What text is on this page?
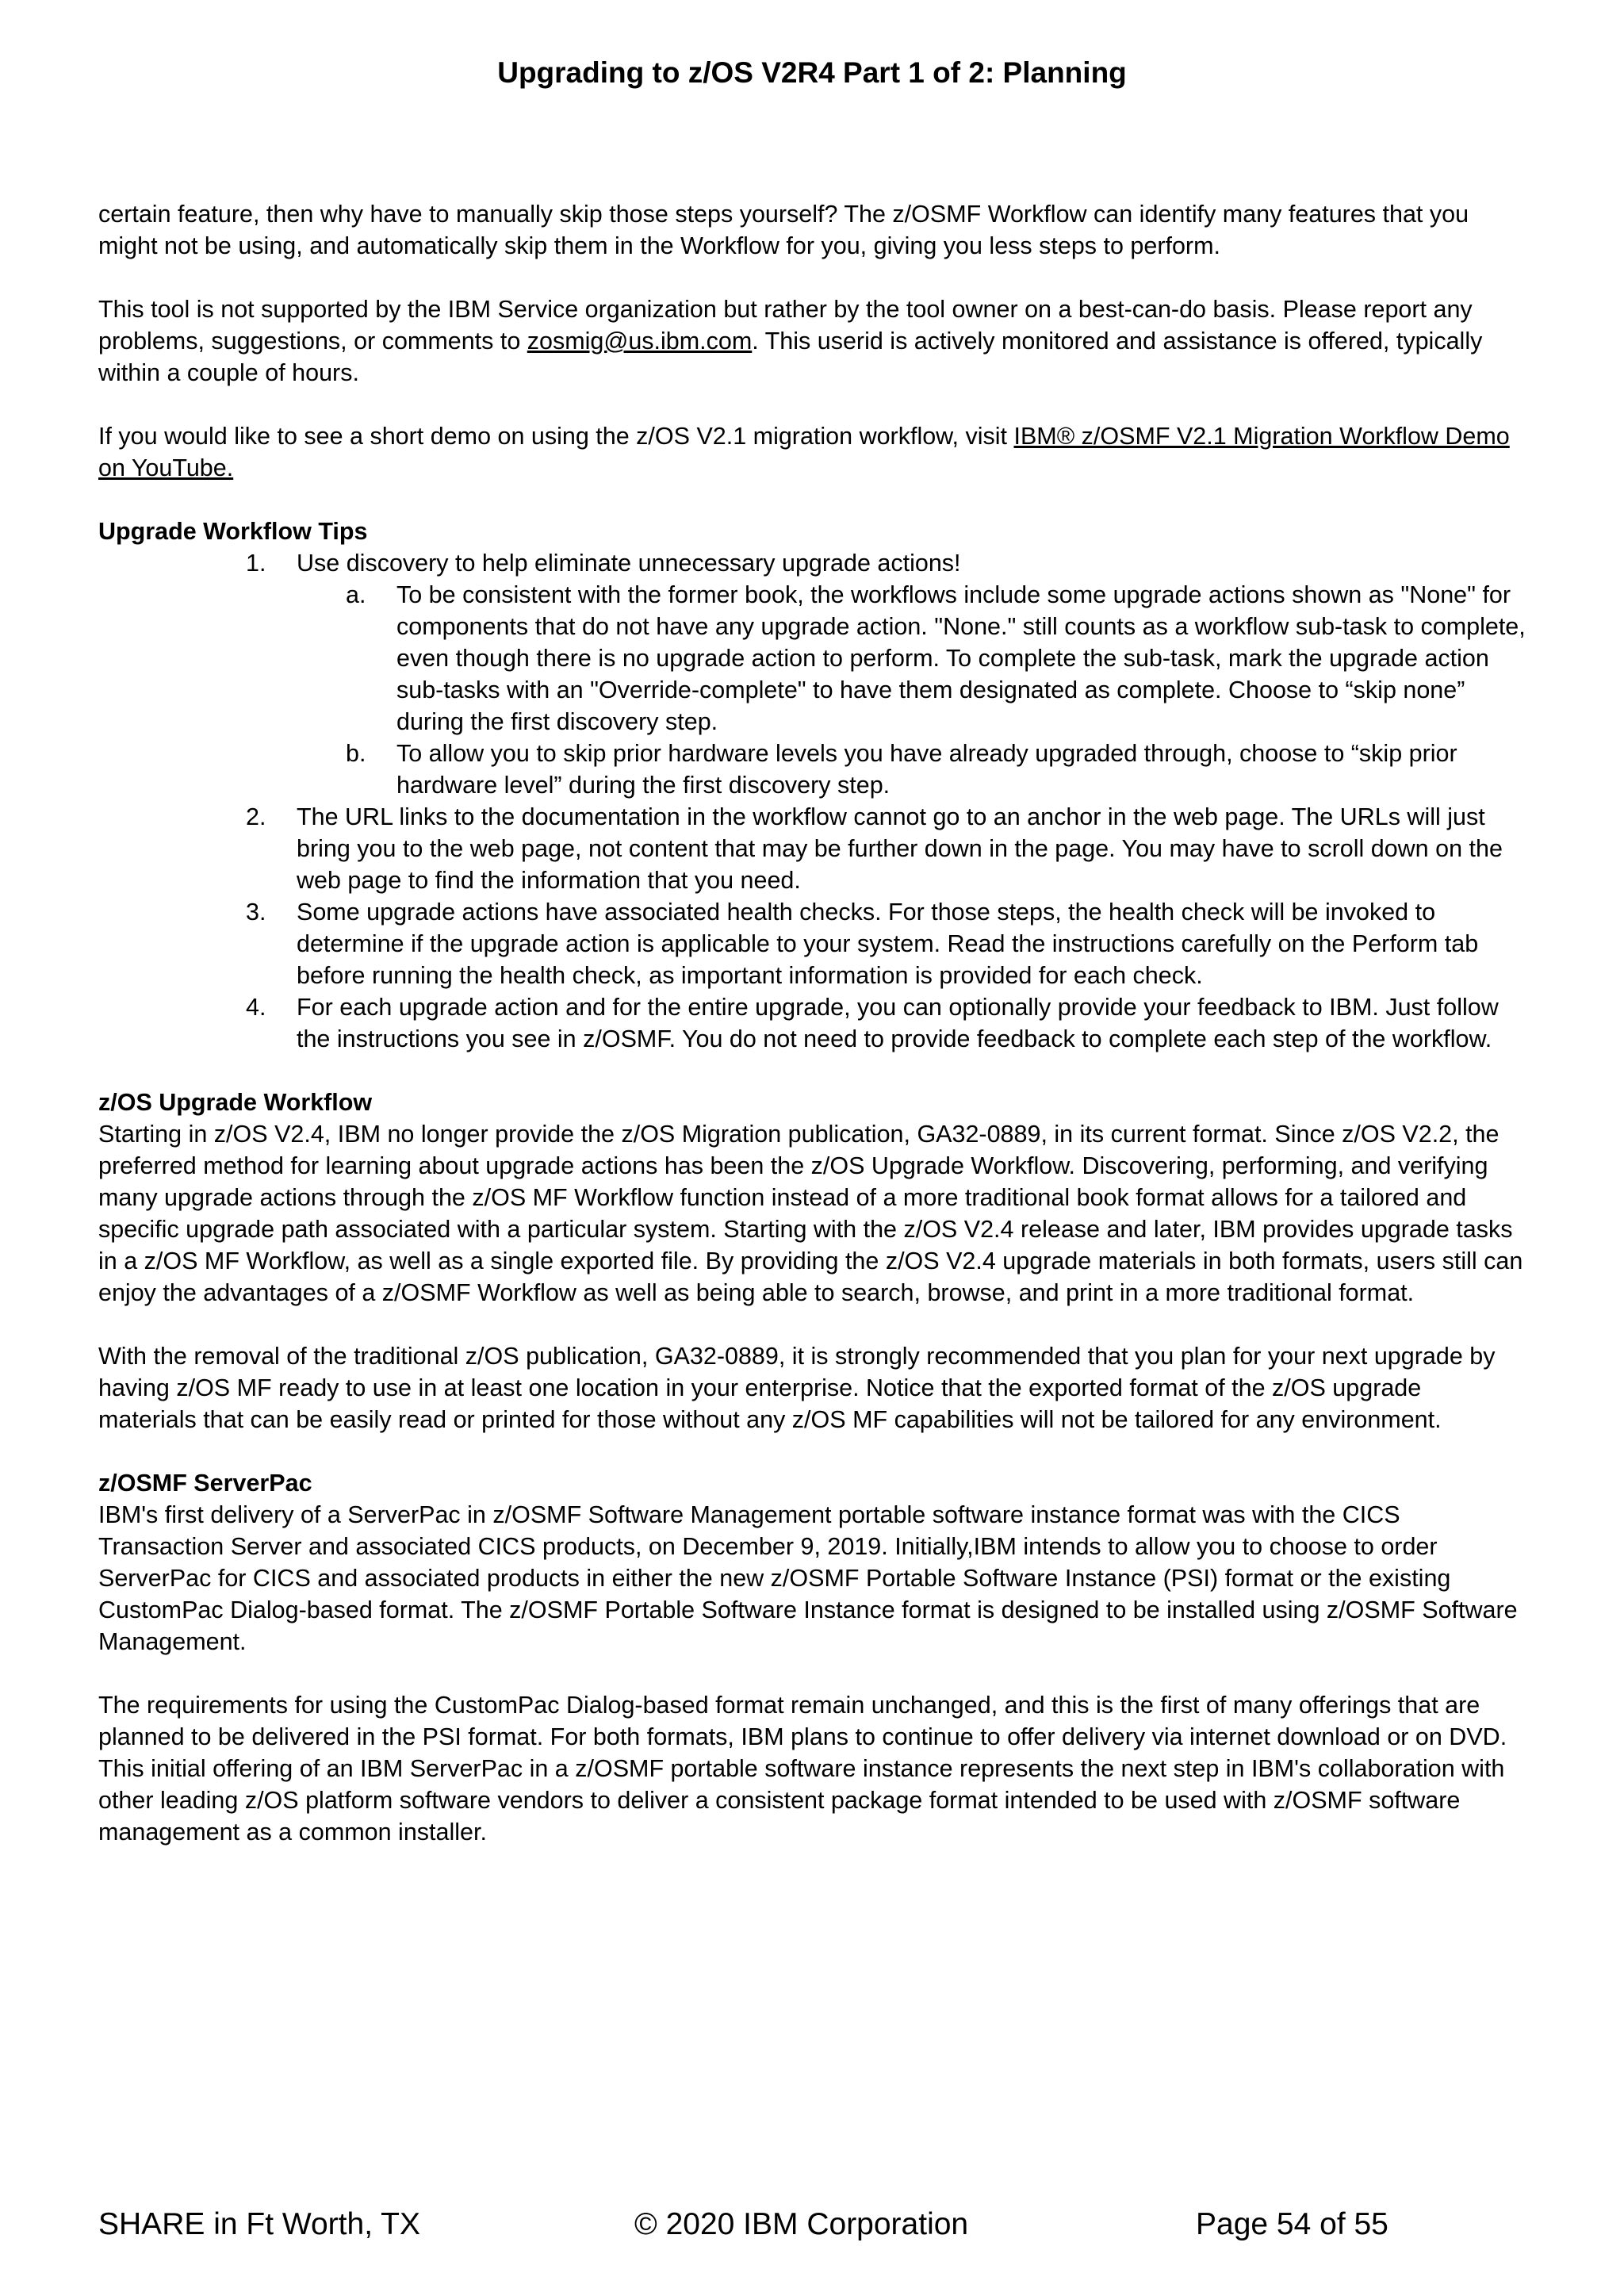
Upgrading to z/OS V2R4 Part 1 of 2: Planning

certain feature, then why have to manually skip those steps yourself? The z/OSMF Workflow can identify many features that you might not be using, and automatically skip them in the Workflow for you, giving you less steps to perform.

This tool is not supported by the IBM Service organization but rather by the tool owner on a best-can-do basis. Please report any problems, suggestions, or comments to zosmig@us.ibm.com. This userid is actively monitored and assistance is offered, typically within a couple of hours.

If you would like to see a short demo on using the z/OS V2.1 migration workflow, visit IBM® z/OSMF V2.1 Migration Workflow Demo on YouTube.

Upgrade Workflow Tips

1. Use discovery to help eliminate unnecessary upgrade actions!
a. To be consistent with the former book, the workflows include some upgrade actions shown as "None" for components that do not have any upgrade action. "None." still counts as a workflow sub-task to complete, even though there is no upgrade action to perform. To complete the sub-task, mark the upgrade action sub-tasks with an "Override-complete" to have them designated as complete. Choose to “skip none” during the first discovery step.
b. To allow you to skip prior hardware levels you have already upgraded through, choose to “skip prior hardware level” during the first discovery step.
2. The URL links to the documentation in the workflow cannot go to an anchor in the web page. The URLs will just bring you to the web page, not content that may be further down in the page. You may have to scroll down on the web page to find the information that you need.
3. Some upgrade actions have associated health checks. For those steps, the health check will be invoked to determine if the upgrade action is applicable to your system. Read the instructions carefully on the Perform tab before running the health check, as important information is provided for each check.
4. For each upgrade action and for the entire upgrade, you can optionally provide your feedback to IBM. Just follow the instructions you see in z/OSMF. You do not need to provide feedback to complete each step of the workflow.

z/OS Upgrade Workflow

Starting in z/OS V2.4, IBM no longer provide the z/OS Migration publication, GA32-0889, in its current format. Since z/OS V2.2, the preferred method for learning about upgrade actions has been the z/OS Upgrade Workflow. Discovering, performing, and verifying many upgrade actions through the z/OS MF Workflow function instead of a more traditional book format allows for a tailored and specific upgrade path associated with a particular system. Starting with the z/OS V2.4 release and later, IBM provides upgrade tasks in a z/OS MF Workflow, as well as a single exported file. By providing the z/OS V2.4 upgrade materials in both formats, users still can enjoy the advantages of a z/OSMF Workflow as well as being able to search, browse, and print in a more traditional format.

With the removal of the traditional z/OS publication, GA32-0889, it is strongly recommended that you plan for your next upgrade by having z/OS MF ready to use in at least one location in your enterprise. Notice that the exported format of the z/OS upgrade materials that can be easily read or printed for those without any z/OS MF capabilities will not be tailored for any environment.

z/OSMF ServerPac

IBM's first delivery of a ServerPac in z/OSMF Software Management portable software instance format was with the CICS Transaction Server and associated CICS products, on December 9, 2019. Initially,IBM intends to allow you to choose to order ServerPac for CICS and associated products in either the new z/OSMF Portable Software Instance (PSI) format or the existing CustomPac Dialog-based format. The z/OSMF Portable Software Instance format is designed to be installed using z/OSMF Software Management.

The requirements for using the CustomPac Dialog-based format remain unchanged, and this is the first of many offerings that are planned to be delivered in the PSI format. For both formats, IBM plans to continue to offer delivery via internet download or on DVD.

This initial offering of an IBM ServerPac in a z/OSMF portable software instance represents the next step in IBM's collaboration with other leading z/OS platform software vendors to deliver a consistent package format intended to be used with z/OSMF software management as a common installer.

SHARE in Ft Worth, TX	© 2020 IBM Corporation	Page 54 of 55
